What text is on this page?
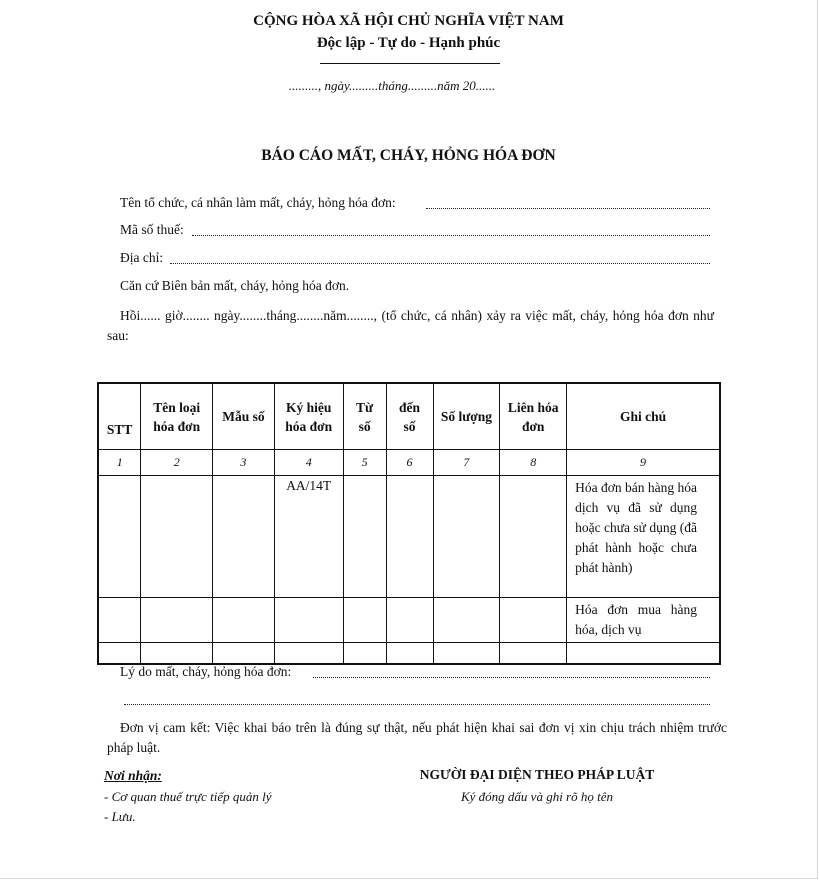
CỘNG HÒA XÃ HỘI CHỦ NGHĨA VIỆT NAM
Độc lập - Tự do - Hạnh phúc
........., ngày.........tháng.........năm 20......
BÁO CÁO MẤT, CHÁY, HỎNG HÓA ĐƠN
Tên tổ chức, cá nhân làm mất, cháy, hỏng hóa đơn:
Mã số thuế:
Địa chỉ:
Căn cứ Biên bản mất, cháy, hỏng hóa đơn.
Hồi...... giờ........ ngày........tháng........năm........, (tổ chức, cá nhân) xảy ra việc mất, cháy, hỏng hóa đơn như sau:
STT	Tên loại hóa đơn	Mẫu số	Ký hiệu hóa đơn	Từ số	đến số	Số lượng	Liên hóa đơn	Ghi chú
1	2	3	4	5	6	7	8	9
			AA/14T					Hóa đơn bán hàng hóa dịch vụ đã sử dụng hoặc chưa sử dụng (đã phát hành hoặc chưa phát hành)
								Hóa đơn mua hàng hóa, dịch vụ

Lý do mất, cháy, hỏng hóa đơn:
Đơn vị cam kết: Việc khai báo trên là đúng sự thật, nếu phát hiện khai sai đơn vị xin chịu trách nhiệm trước pháp luật.
Nơi nhận:
- Cơ quan thuế trực tiếp quản lý
- Lưu.
NGƯỜI ĐẠI DIỆN THEO PHÁP LUẬT
Ký đóng dấu và ghi rõ họ tên
